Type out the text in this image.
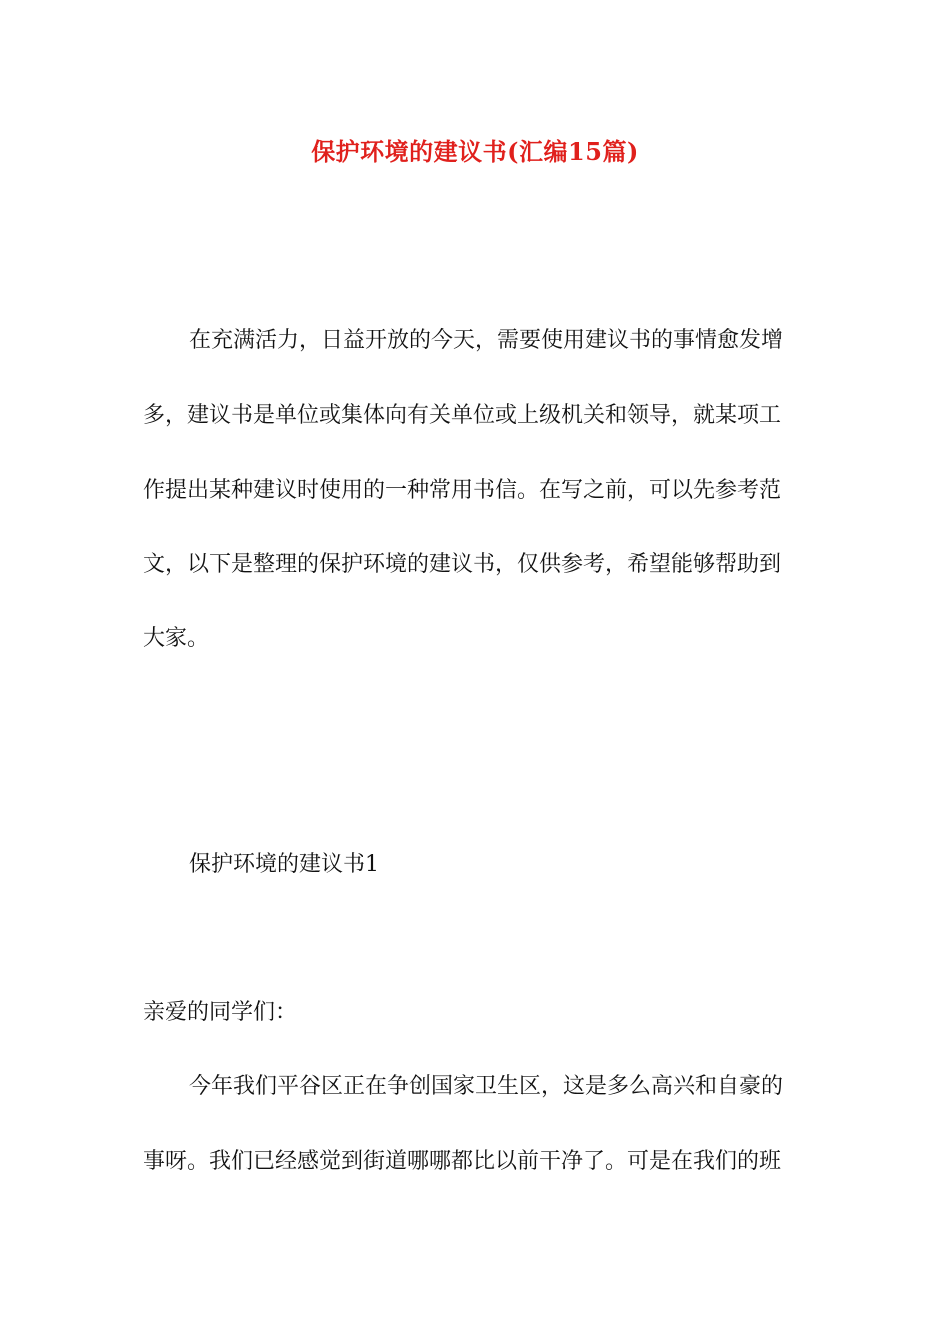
保护环境的建议书(汇编15篇)
在充满活力，日益开放的今天，需要使用建议书的事情愈发增
多，建议书是单位或集体向有关单位或上级机关和领导，就某项工
作提出某种建议时使用的一种常用书信。在写之前，可以先参考范
文，以下是整理的保护环境的建议书，仅供参考，希望能够帮助到
大家。
保护环境的建议书1
亲爱的同学们：
今年我们平谷区正在争创国家卫生区，这是多么高兴和自豪的
事呀。我们已经感觉到街道哪哪都比以前干净了。可是在我们的班
